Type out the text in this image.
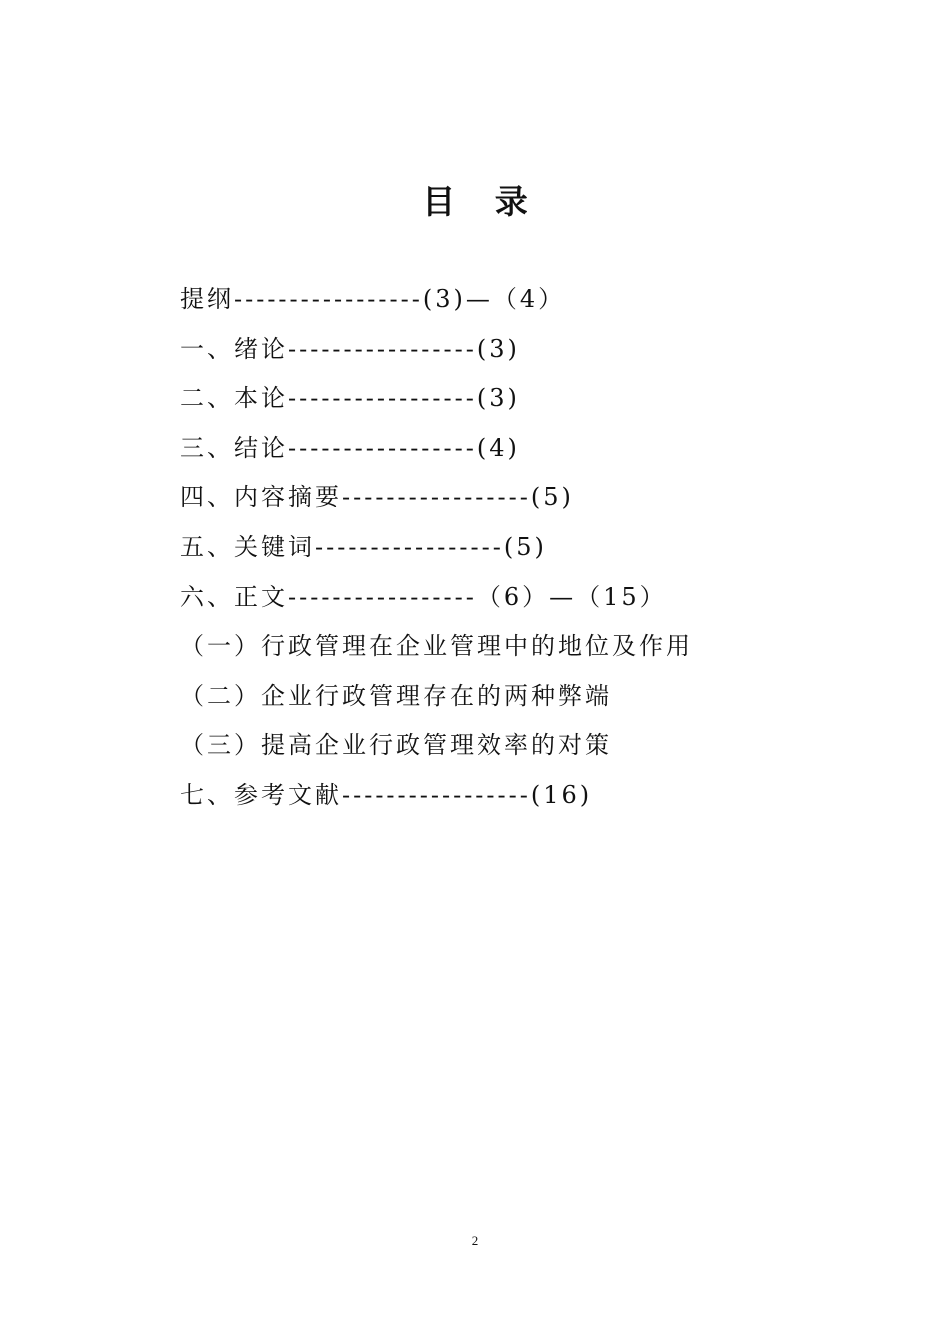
目 录
提纲-----------------(3)—（4）
一、绪论-----------------(3)
二、本论-----------------(3)
三、结论-----------------(4)
四、内容摘要-----------------(5)
五、关键词-----------------(5)
六、正文-----------------（6）—（15）
（一）行政管理在企业管理中的地位及作用
（二）企业行政管理存在的两种弊端
（三）提高企业行政管理效率的对策
七、参考文献-----------------(16)
2
